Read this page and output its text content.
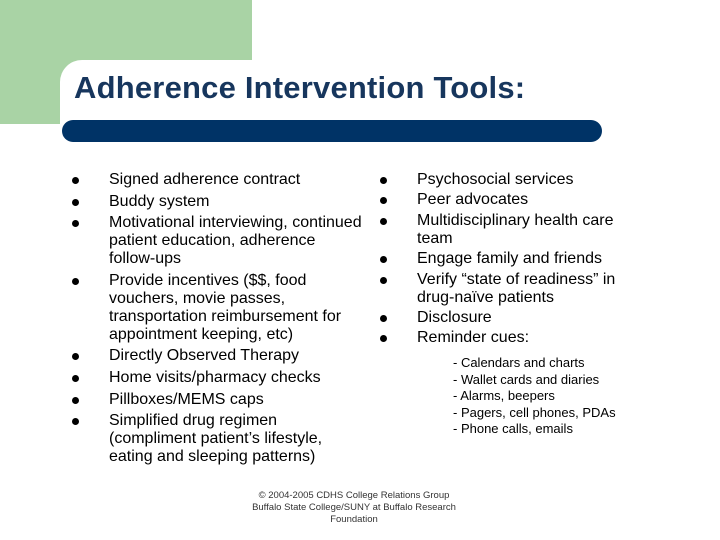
Adherence Intervention Tools:
Signed adherence contract
Buddy system
Motivational interviewing, continued patient education, adherence follow-ups
Provide incentives ($$, food vouchers, movie passes, transportation reimbursement for appointment keeping, etc)
Directly Observed Therapy
Home visits/pharmacy checks
Pillboxes/MEMS caps
Simplified drug regimen (compliment patient’s lifestyle, eating and sleeping patterns)
Psychosocial services
Peer advocates
Multidisciplinary health care team
Engage family and friends
Verify “state of readiness” in drug-naïve patients
Disclosure
Reminder cues:
- Calendars and charts
- Wallet cards and diaries
- Alarms, beepers
- Pagers, cell phones, PDAs
- Phone calls, emails
© 2004-2005 CDHS College Relations Group
Buffalo State College/SUNY at Buffalo Research
Foundation
